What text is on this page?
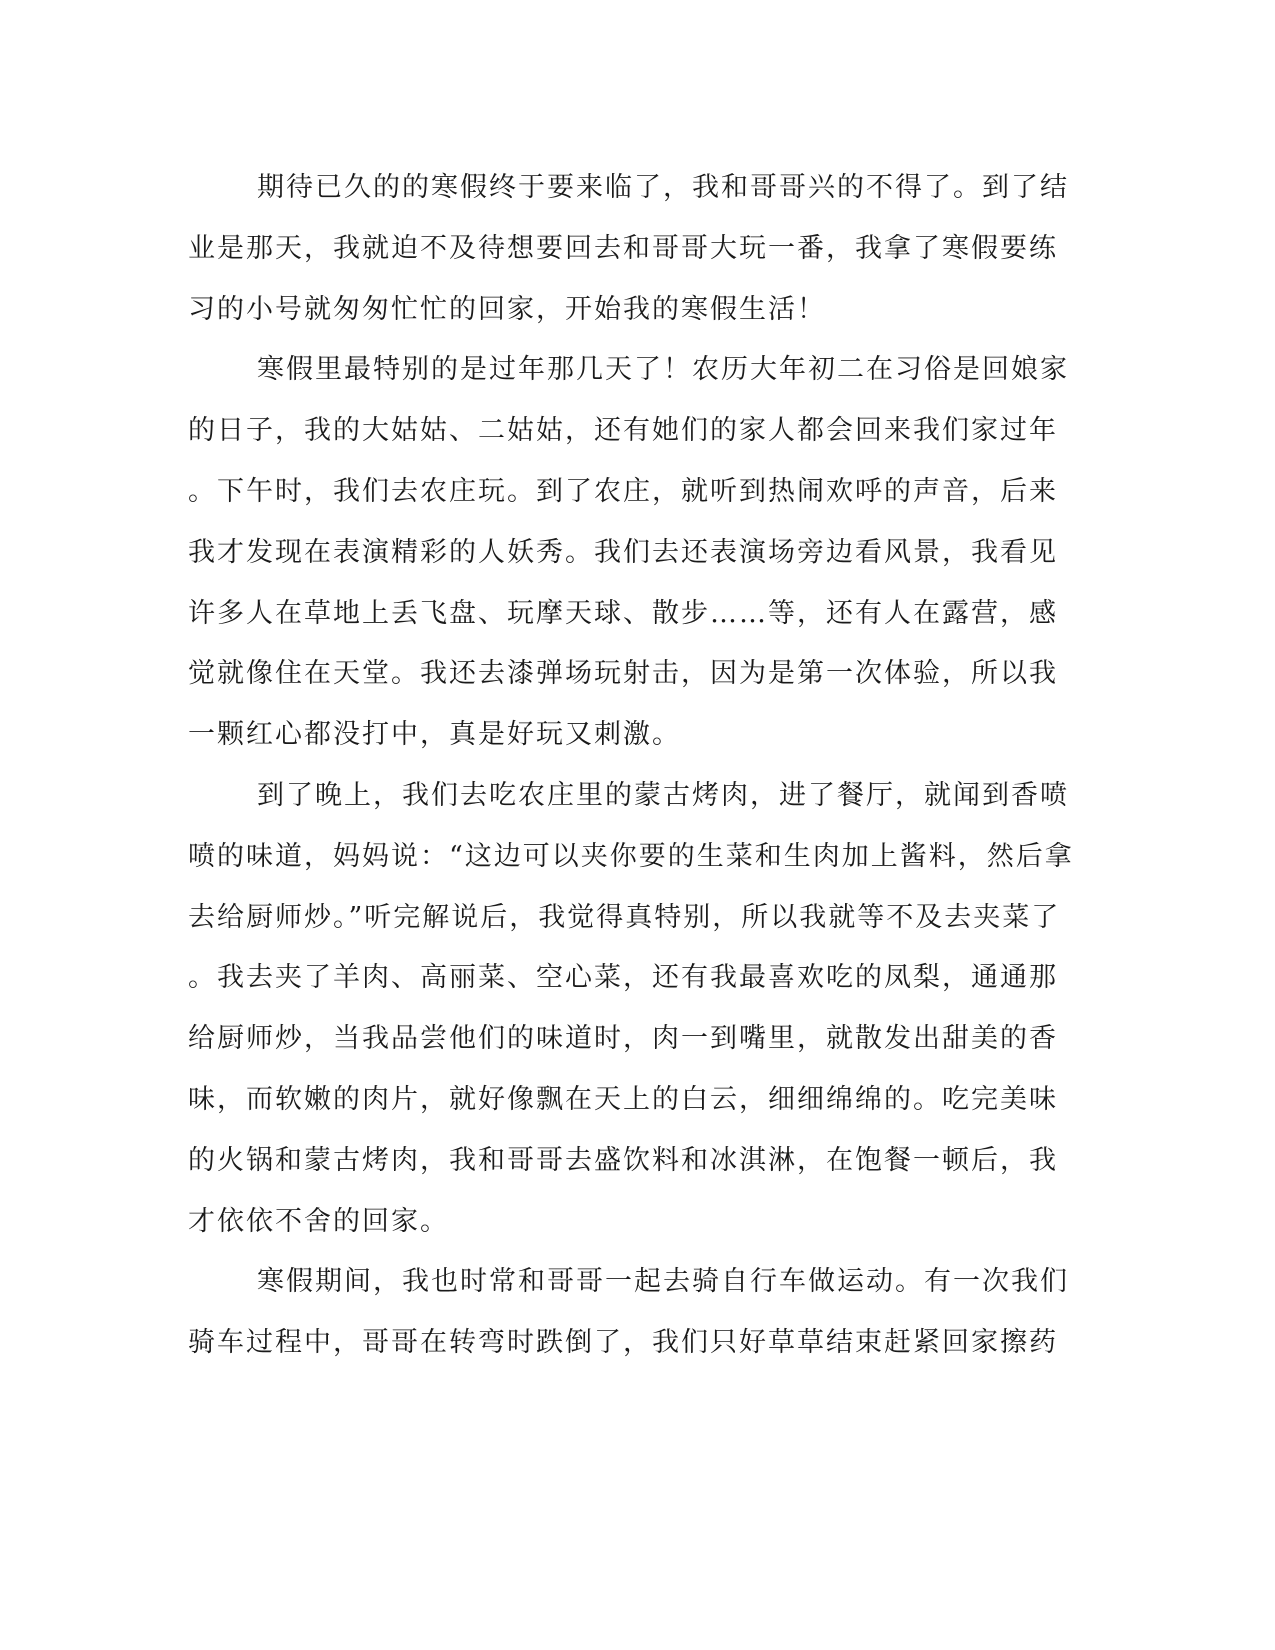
期待已久的的寒假终于要来临了，我和哥哥兴的不得了。到了结
业是那天，我就迫不及待想要回去和哥哥大玩一番，我拿了寒假要练
习的小号就匆匆忙忙的回家，开始我的寒假生活！
寒假里最特别的是过年那几天了！农历大年初二在习俗是回娘家
的日子，我的大姑姑、二姑姑，还有她们的家人都会回来我们家过年
。下午时，我们去农庄玩。到了农庄，就听到热闹欢呼的声音，后来
我才发现在表演精彩的人妖秀。我们去还表演场旁边看风景，我看见
许多人在草地上丢飞盘、玩摩天球、散步……等，还有人在露营，感
觉就像住在天堂。我还去漆弹场玩射击，因为是第一次体验，所以我
一颗红心都没打中，真是好玩又刺激。
到了晚上，我们去吃农庄里的蒙古烤肉，进了餐厅，就闻到香喷
喷的味道，妈妈说：“这边可以夹你要的生菜和生肉加上酱料，然后拿
去给厨师炒。”听完解说后，我觉得真特别，所以我就等不及去夹菜了
。我去夹了羊肉、高丽菜、空心菜，还有我最喜欢吃的凤梨，通通那
给厨师炒，当我品尝他们的味道时，肉一到嘴里，就散发出甜美的香
味，而软嫩的肉片，就好像飘在天上的白云，细细绵绵的。吃完美味
的火锅和蒙古烤肉，我和哥哥去盛饮料和冰淇淋，在饱餐一顿后，我
才依依不舍的回家。
寒假期间，我也时常和哥哥一起去骑自行车做运动。有一次我们
骑车过程中，哥哥在转弯时跌倒了，我们只好草草结束赶紧回家擦药
